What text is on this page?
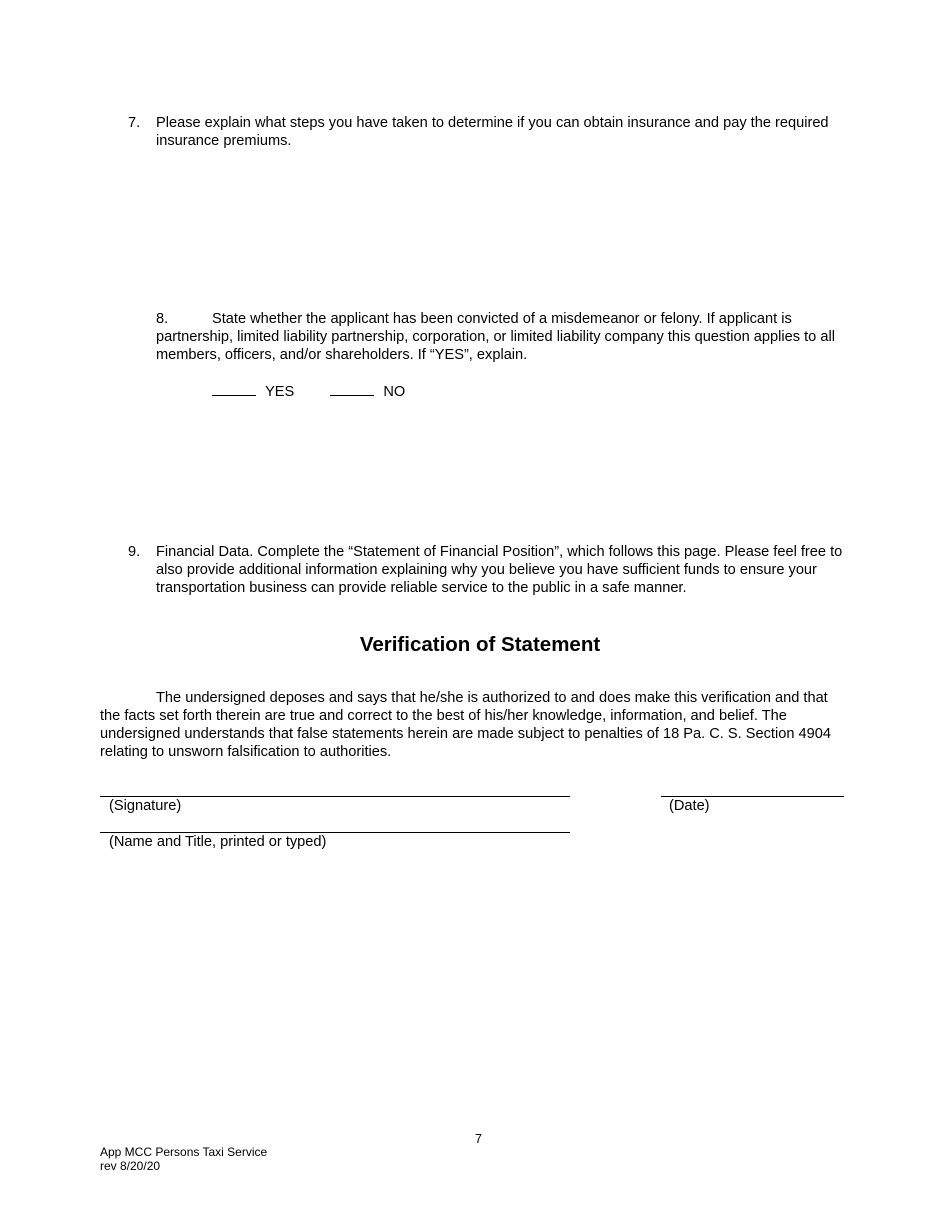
7. Please explain what steps you have taken to determine if you can obtain insurance and pay the required insurance premiums.
8.	State whether the applicant has been convicted of a misdemeanor or felony. If applicant is
partnership, limited liability partnership, corporation, or limited liability company this question applies to all members, officers, and/or shareholders. If “YES”, explain.
YES	NO
9. Financial Data. Complete the “Statement of Financial Position”, which follows this page. Please feel free to also provide additional information explaining why you believe you have sufficient funds to ensure your transportation business can provide reliable service to the public in a safe manner.
Verification of Statement
The undersigned deposes and says that he/she is authorized to and does make this verification and that the facts set forth therein are true and correct to the best of his/her knowledge, information, and belief. The undersigned understands that false statements herein are made subject to penalties of 18 Pa. C. S. Section 4904 relating to unsworn falsification to authorities.
(Signature)	(Date)
(Name and Title, printed or typed)
7
App MCC Persons Taxi Service
rev 8/20/20
